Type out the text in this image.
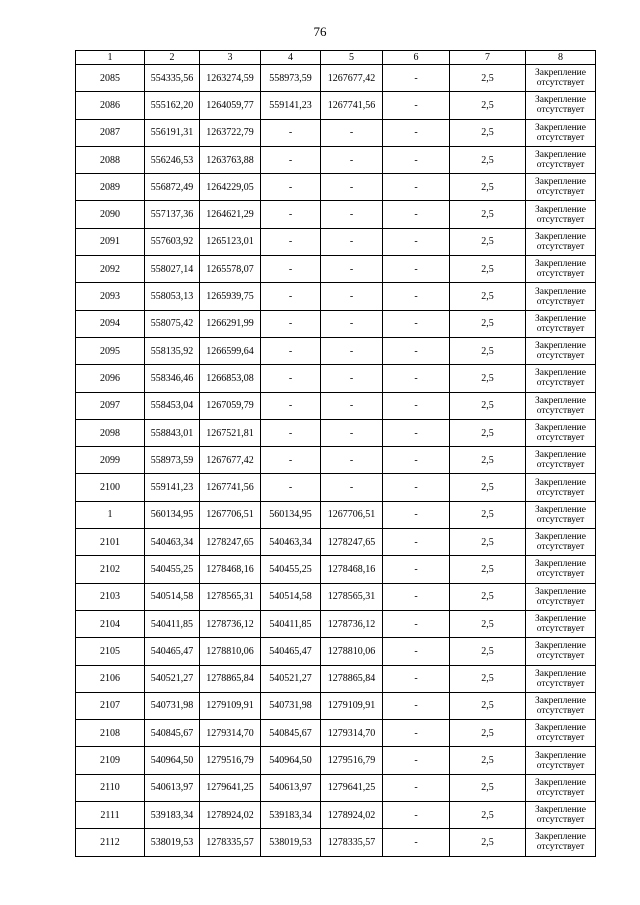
76
1	2	3	4	5	6	7	8
2085	554335,56	1263274,59	558973,59	1267677,42	-	2,5	Закрепление отсутствует
2086	555162,20	1264059,77	559141,23	1267741,56	-	2,5	Закрепление отсутствует
2087	556191,31	1263722,79	-	-	-	2,5	Закрепление отсутствует
2088	556246,53	1263763,88	-	-	-	2,5	Закрепление отсутствует
2089	556872,49	1264229,05	-	-	-	2,5	Закрепление отсутствует
2090	557137,36	1264621,29	-	-	-	2,5	Закрепление отсутствует
2091	557603,92	1265123,01	-	-	-	2,5	Закрепление отсутствует
2092	558027,14	1265578,07	-	-	-	2,5	Закрепление отсутствует
2093	558053,13	1265939,75	-	-	-	2,5	Закрепление отсутствует
2094	558075,42	1266291,99	-	-	-	2,5	Закрепление отсутствует
2095	558135,92	1266599,64	-	-	-	2,5	Закрепление отсутствует
2096	558346,46	1266853,08	-	-	-	2,5	Закрепление отсутствует
2097	558453,04	1267059,79	-	-	-	2,5	Закрепление отсутствует
2098	558843,01	1267521,81	-	-	-	2,5	Закрепление отсутствует
2099	558973,59	1267677,42	-	-	-	2,5	Закрепление отсутствует
2100	559141,23	1267741,56	-	-	-	2,5	Закрепление отсутствует
1	560134,95	1267706,51	560134,95	1267706,51	-	2,5	Закрепление отсутствует
2101	540463,34	1278247,65	540463,34	1278247,65	-	2,5	Закрепление отсутствует
2102	540455,25	1278468,16	540455,25	1278468,16	-	2,5	Закрепление отсутствует
2103	540514,58	1278565,31	540514,58	1278565,31	-	2,5	Закрепление отсутствует
2104	540411,85	1278736,12	540411,85	1278736,12	-	2,5	Закрепление отсутствует
2105	540465,47	1278810,06	540465,47	1278810,06	-	2,5	Закрепление отсутствует
2106	540521,27	1278865,84	540521,27	1278865,84	-	2,5	Закрепление отсутствует
2107	540731,98	1279109,91	540731,98	1279109,91	-	2,5	Закрепление отсутствует
2108	540845,67	1279314,70	540845,67	1279314,70	-	2,5	Закрепление отсутствует
2109	540964,50	1279516,79	540964,50	1279516,79	-	2,5	Закрепление отсутствует
2110	540613,97	1279641,25	540613,97	1279641,25	-	2,5	Закрепление отсутствует
2111	539183,34	1278924,02	539183,34	1278924,02	-	2,5	Закрепление отсутствует
2112	538019,53	1278335,57	538019,53	1278335,57	-	2,5	Закрепление отсутствует
